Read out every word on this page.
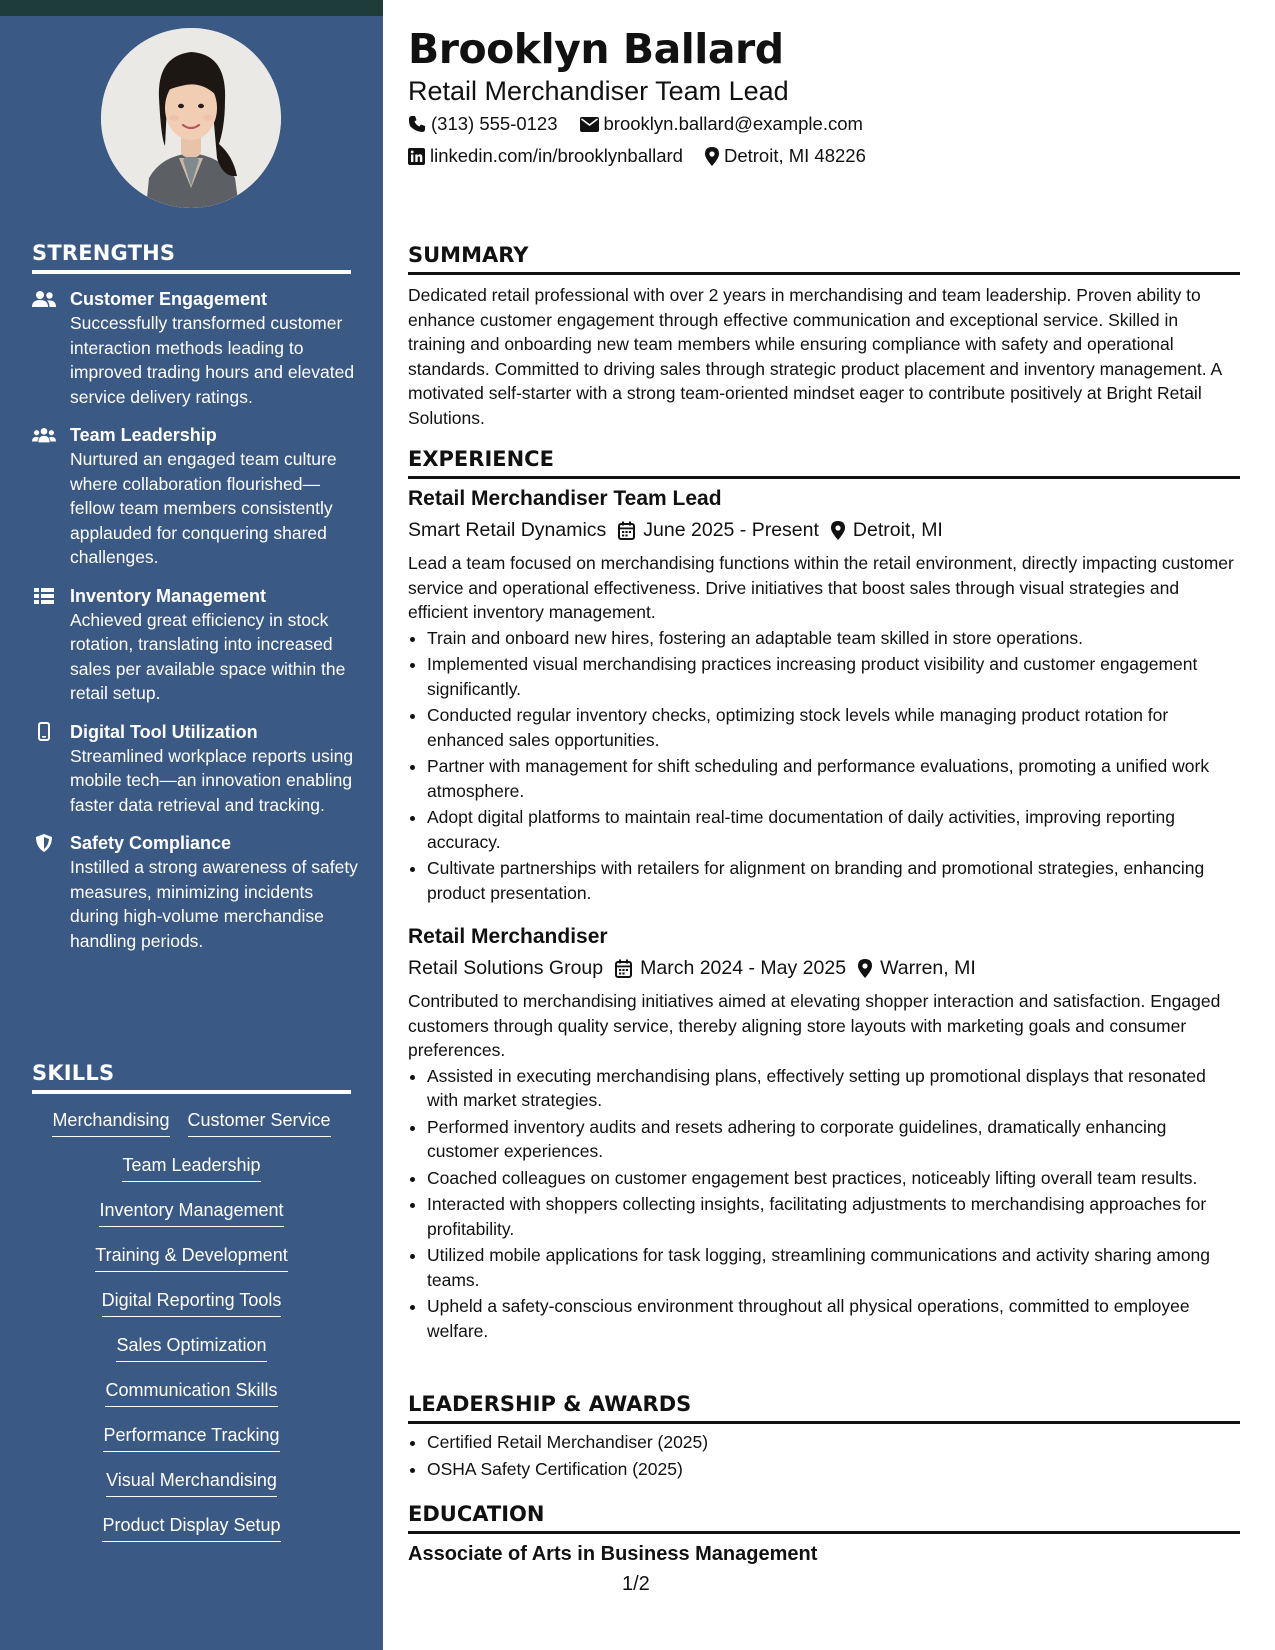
STRENGTHS
Customer Engagement
Successfully transformed customer interaction methods leading to improved trading hours and elevated service delivery ratings.
Team Leadership
Nurtured an engaged team culture where collaboration flourished—fellow team members consistently applauded for conquering shared challenges.
Inventory Management
Achieved great efficiency in stock rotation, translating into increased sales per available space within the retail setup.
Digital Tool Utilization
Streamlined workplace reports using mobile tech—an innovation enabling faster data retrieval and tracking.
Safety Compliance
Instilled a strong awareness of safety measures, minimizing incidents during high-volume merchandise handling periods.
SKILLS
Merchandising Customer Service
Team Leadership
Inventory Management
Training & Development
Digital Reporting Tools
Sales Optimization
Communication Skills
Performance Tracking
Visual Merchandising
Product Display Setup
Brooklyn Ballard
Retail Merchandiser Team Lead
(313) 555-0123 brooklyn.ballard@example.com
linkedin.com/in/brooklynballard Detroit, MI 48226
SUMMARY
Dedicated retail professional with over 2 years in merchandising and team leadership. Proven ability to enhance customer engagement through effective communication and exceptional service. Skilled in training and onboarding new team members while ensuring compliance with safety and operational standards. Committed to driving sales through strategic product placement and inventory management. A motivated self-starter with a strong team-oriented mindset eager to contribute positively at Bright Retail Solutions.
EXPERIENCE
Retail Merchandiser Team Lead
Smart Retail Dynamics June 2025 - Present Detroit, MI
Lead a team focused on merchandising functions within the retail environment, directly impacting customer service and operational effectiveness. Drive initiatives that boost sales through visual strategies and efficient inventory management.
• Train and onboard new hires, fostering an adaptable team skilled in store operations.
• Implemented visual merchandising practices increasing product visibility and customer engagement significantly.
• Conducted regular inventory checks, optimizing stock levels while managing product rotation for enhanced sales opportunities.
• Partner with management for shift scheduling and performance evaluations, promoting a unified work atmosphere.
• Adopt digital platforms to maintain real-time documentation of daily activities, improving reporting accuracy.
• Cultivate partnerships with retailers for alignment on branding and promotional strategies, enhancing product presentation.
Retail Merchandiser
Retail Solutions Group March 2024 - May 2025 Warren, MI
Contributed to merchandising initiatives aimed at elevating shopper interaction and satisfaction. Engaged customers through quality service, thereby aligning store layouts with marketing goals and consumer preferences.
• Assisted in executing merchandising plans, effectively setting up promotional displays that resonated with market strategies.
• Performed inventory audits and resets adhering to corporate guidelines, dramatically enhancing customer experiences.
• Coached colleagues on customer engagement best practices, noticeably lifting overall team results.
• Interacted with shoppers collecting insights, facilitating adjustments to merchandising approaches for profitability.
• Utilized mobile applications for task logging, streamlining communications and activity sharing among teams.
• Upheld a safety-conscious environment throughout all physical operations, committed to employee welfare.
LEADERSHIP & AWARDS
• Certified Retail Merchandiser (2025)
• OSHA Safety Certification (2025)
EDUCATION
Associate of Arts in Business Management
1/2
